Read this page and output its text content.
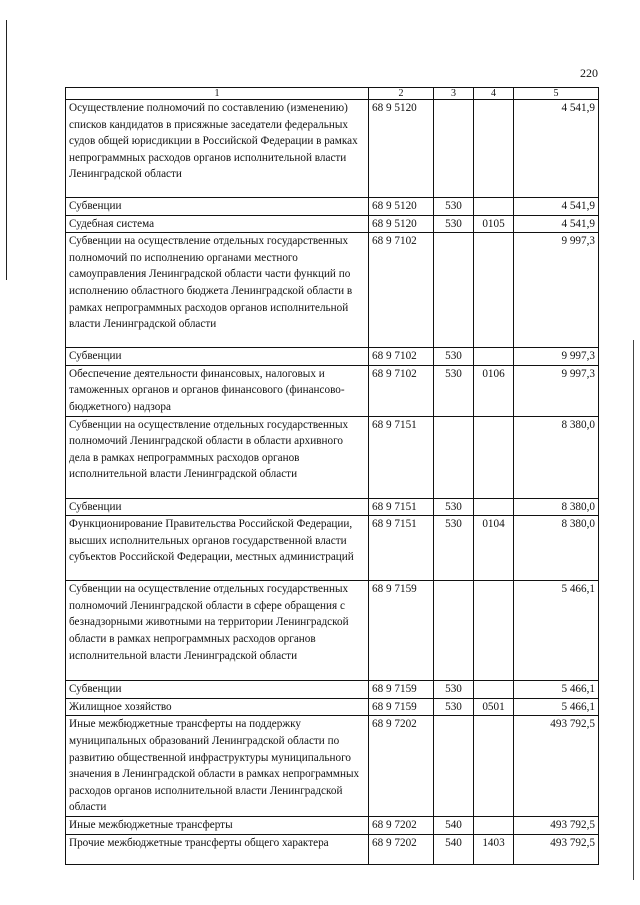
220
1	2	3	4	5
Осуществление полномочий по составлению (изменению) списков кандидатов в присяжные заседатели федеральных судов общей юрисдикции в Российской Федерации в рамках непрограммных расходов органов исполнительной власти Ленинградской области	68 9 5120			4 541,9
Субвенции	68 9 5120	530		4 541,9
Судебная система	68 9 5120	530	0105	4 541,9
Субвенции на осуществление отдельных государственных полномочий по исполнению органами местного самоуправления Ленинградской области части функций по исполнению областного бюджета Ленинградской области в рамках непрограммных расходов органов исполнительной власти Ленинградской области	68 9 7102			9 997,3
Субвенции	68 9 7102	530		9 997,3
Обеспечение деятельности финансовых, налоговых и таможенных органов и органов финансового (финансово-бюджетного) надзора	68 9 7102	530	0106	9 997,3
Субвенции на осуществление отдельных государственных полномочий Ленинградской области в области архивного дела в рамках непрограммных расходов органов исполнительной власти Ленинградской области	68 9 7151			8 380,0
Субвенции	68 9 7151	530		8 380,0
Функционирование Правительства Российской Федерации, высших исполнительных органов государственной власти субъектов Российской Федерации, местных администраций	68 9 7151	530	0104	8 380,0
Субвенции на осуществление отдельных государственных полномочий Ленинградской области в сфере обращения с безнадзорными животными на территории Ленинградской области в рамках непрограммных расходов органов исполнительной власти Ленинградской области	68 9 7159			5 466,1
Субвенции	68 9 7159	530		5 466,1
Жилищное хозяйство	68 9 7159	530	0501	5 466,1
Иные межбюджетные трансферты на поддержку муниципальных образований Ленинградской области по развитию общественной инфраструктуры муниципального значения в Ленинградской области в рамках непрограммных расходов органов исполнительной власти Ленинградской области	68 9 7202			493 792,5
Иные межбюджетные трансферты	68 9 7202	540		493 792,5
Прочие межбюджетные трансферты общего характера	68 9 7202	540	1403	493 792,5
